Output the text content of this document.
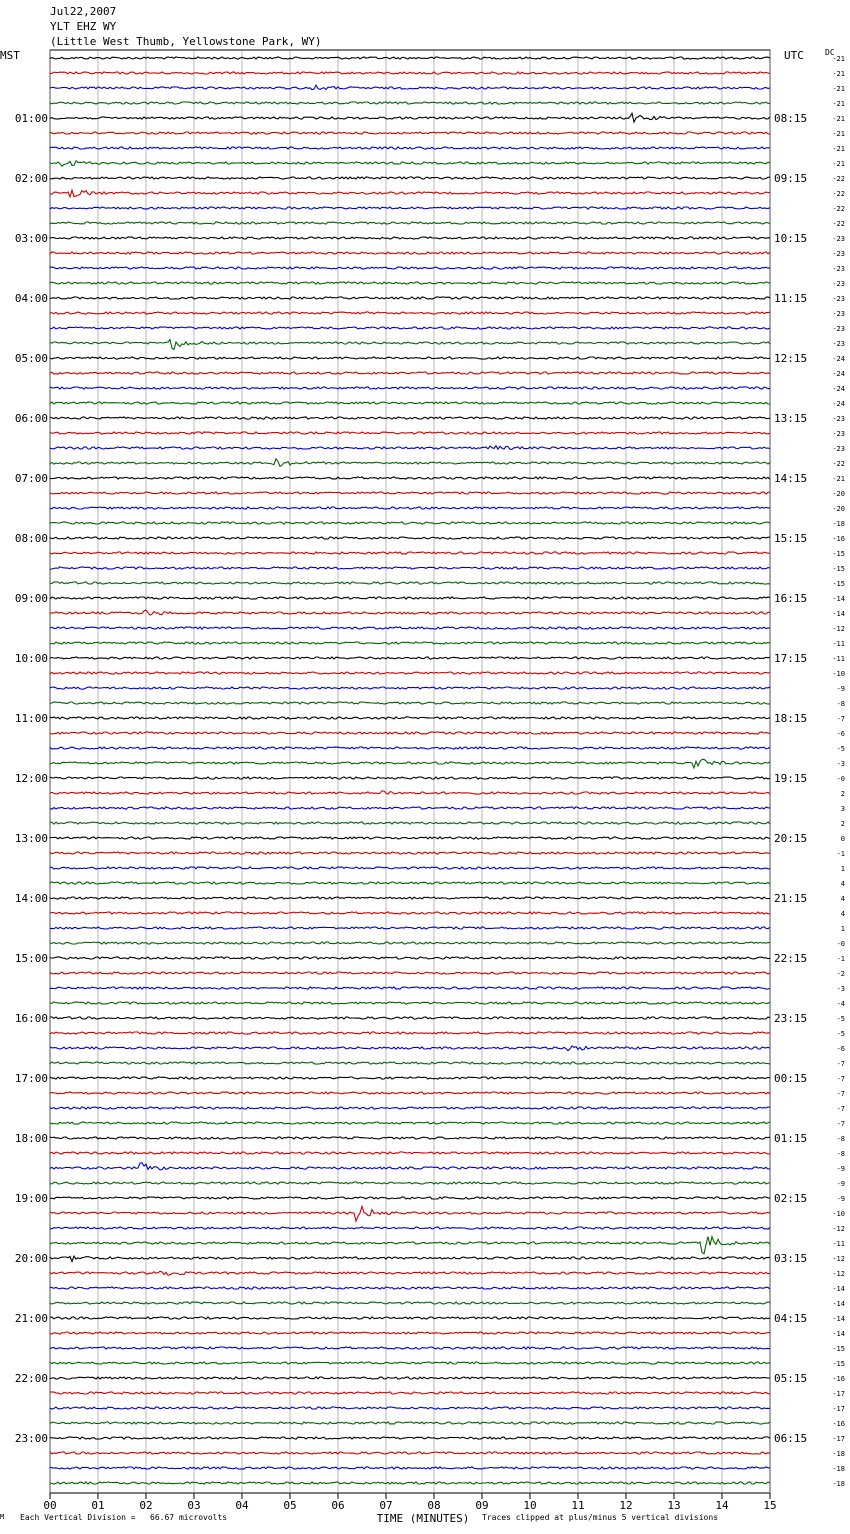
Jul22,2007
YLT EHZ WY
(Little West Thumb, Yellowstone Park, WY)
MST	UTC	DC
00	01	02	03	04	05	06	07	08	09	10	11	12	13	14	15
-21
-21
-21
-21
-21
-21
-21
-21
-22
-22
-22
-22
-23
-23
-23
-23
-23
-23
-23
-23
-24
-24
-24
-24
-23
-23
-23
-22
-21
-20
-20
-18
-16
-15
-15
-15
-14
-14
-12
-11
-11
-10
-9
-8
-7
-6
-5
-3
-0
2
3
2
0
-1
1
4
4
4
1
-0
-1
-2
-3
-4
-5
-5
-6
-7
-7
-7
-7
-7
-8
-8
-9
-9
-9
-10
-12
-11
-12
-12
-14
-14
-14
-14
-15
-15
-16
-17
-17
-16
-17
-18
-18
-18
01:00	08:15
02:00	09:15
03:00	10:15
04:00	11:15
05:00	12:15
06:00	13:15
07:00	14:15
08:00	15:15
09:00	16:15
10:00	17:15
11:00	18:15
12:00	19:15
13:00	20:15
14:00	21:15
15:00	22:15
16:00	23:15
17:00	00:15
18:00	01:15
19:00	02:15
20:00	03:15
21:00	04:15
22:00	05:15
23:00	06:15
TIME (MINUTES)
M Each Vertical Division =   66.67 microvolts	Traces clipped at plus/minus 5 vertical divisions
